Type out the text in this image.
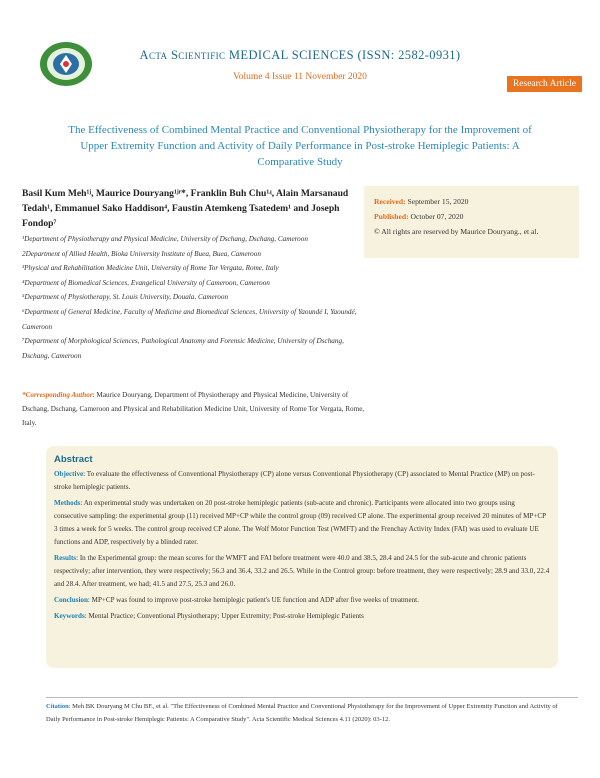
Acta Scientific MEDICAL SCIENCES (ISSN: 2582-0931)
Volume 4 Issue 11 November 2020
Research Article
The Effectiveness of Combined Mental Practice and Conventional Physiotherapy for the Improvement of Upper Extremity Function and Activity of Daily Performance in Post-stroke Hemiplegic Patients: A Comparative Study
Basil Kum Meh¹ʲ, Maurice Douryang¹ʲʳ*, Franklin Buh Chu¹ʵ, Alain Marsanaud Tedah¹, Emmanuel Sako Haddison⁴, Faustin Atemkeng Tsatedem¹ and Joseph Fondop⁷
¹Department of Physiotherapy and Physical Medicine, University of Dschang, Dschang, Cameroon
2Department of Allied Health, Bioka University Institute of Buea, Buea, Cameroon
³Physical and Rehabilitation Medicine Unit, University of Rome Tor Vergata, Rome, Italy
⁴Department of Biomedical Sciences, Evangelical University of Cameroon, Cameroon
⁵Department of Physiotherapy, St. Louis University, Douala, Cameroon
⁶Department of General Medicine, Faculty of Medicine and Biomedical Sciences, University of Yaoundé I, Yaoundé, Cameroon
⁷Department of Morphological Sciences, Pathological Anatomy and Forensic Medicine, University of Dschang, Dschang, Cameroon
*Corresponding Author: Maurice Douryang, Department of Physiotherapy and Physical Medicine, University of Dschang, Dschang, Cameroon and Physical and Rehabilitation Medicine Unit, University of Rome Tor Vergata, Rome, Italy.
Received: September 15, 2020
Published: October 07, 2020
© All rights are reserved by Maurice Douryang., et al.
Abstract

Objective: To evaluate the effectiveness of Conventional Physiotherapy (CP) alone versus Conventional Physiotherapy (CP) associated to Mental Practice (MP) on post-stroke hemiplegic patients.

Methods: An experimental study was undertaken on 20 post-stroke hemiplegic patients (sub-acute and chronic). Participants were allocated into two groups using consecutive sampling: the experimental group (11) received MP+CP while the control group (09) received CP alone. The experimental group received 20 minutes of MP+CP 3 times a week for 5 weeks. The control group received CP alone. The Wolf Motor Function Test (WMFT) and the Frenchay Activity Index (FAI) was used to evaluate UE functions and ADP, respectively by a blinded rater.

Results: In the Experimental group: the mean scores for the WMFT and FAI before treatment were 40.0 and 38.5, 28.4 and 24.5 for the sub-acute and chronic patients respectively; after intervention, they were respectively; 56.3 and 36.4, 33.2 and 26.5. While in the Control group: before treatment, they were respectively; 28.9 and 33.0, 22.4 and 28.4. After treatment, we had; 41.5 and 27.5, 25.3 and 26.0.

Conclusion: MP+CP was found to improve post-stroke hemiplegic patient's UE function and ADP after five weeks of treatment.

Keywords: Mental Practice; Conventional Physiotherapy; Upper Extremity; Post-stroke Hemiplegic Patients

Citation: Meh BK Douryang M Chu BF., et al. "The Effectiveness of Combined Mental Practice and Conventional Physiotherapy for the Improvement of Upper Extremity Function and Activity of Daily Performance in Post-stroke Hemiplegic Patients: A Comparative Study". Acta Scientific Medical Sciences 4.11 (2020): 03-12.
